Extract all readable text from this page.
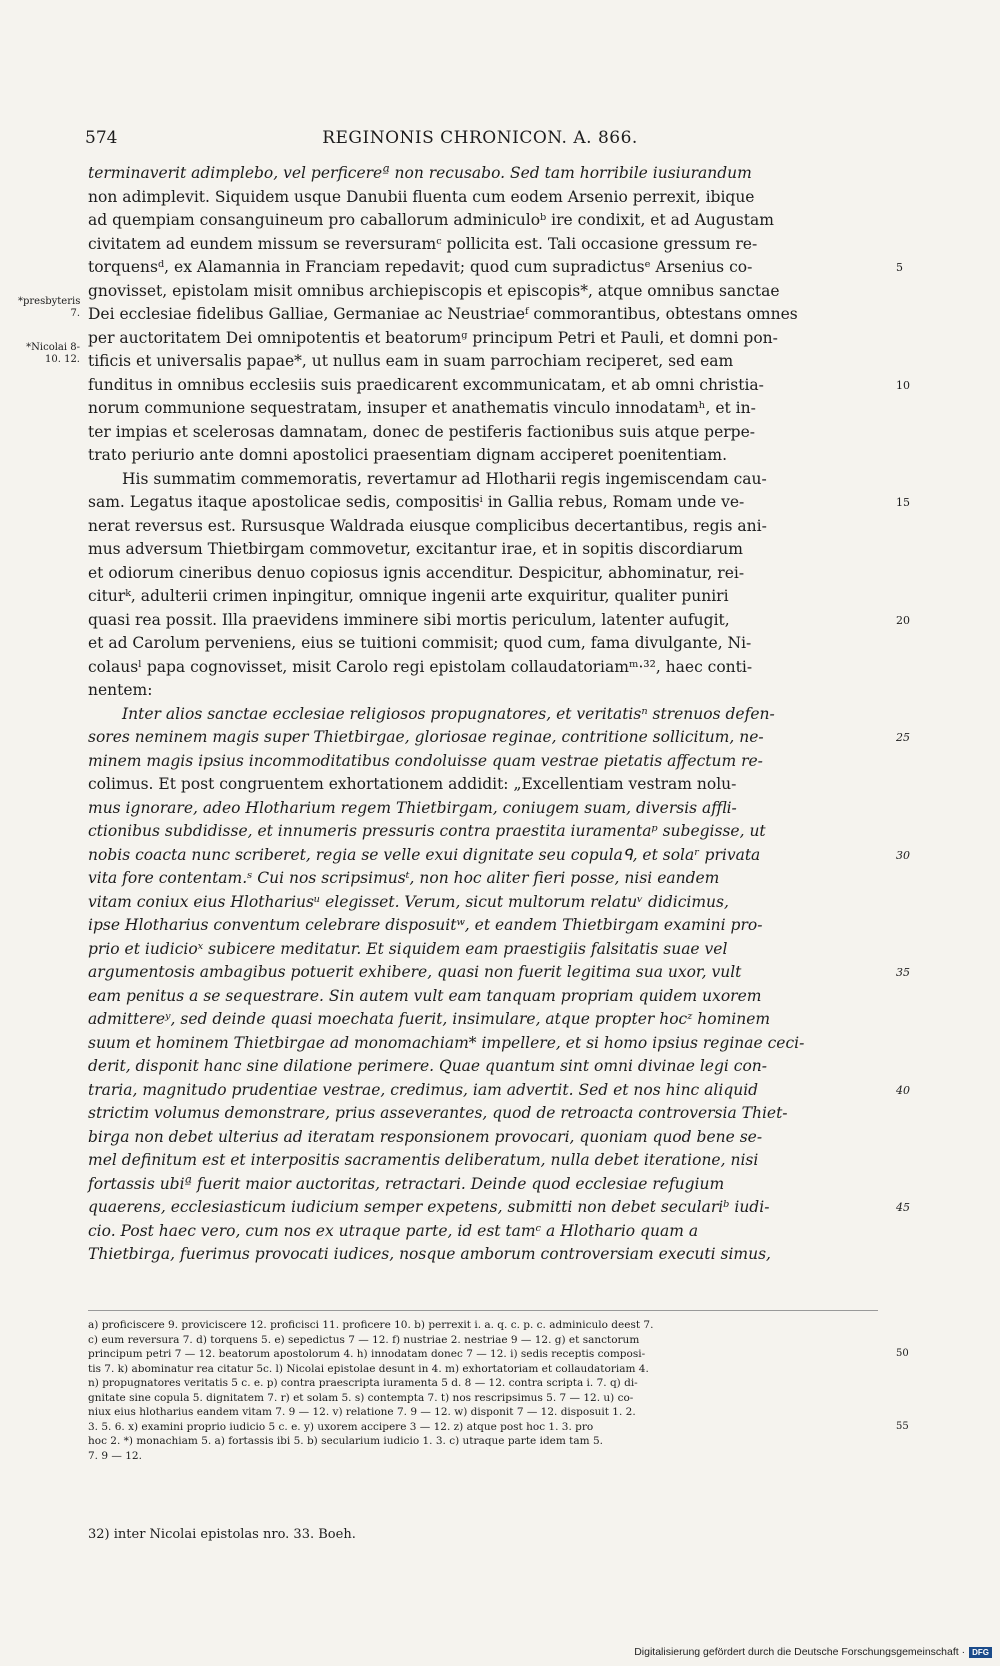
574	REGINONIS CHRONICON. A. 866.
*presbyteris 7.
*Nicolai 8-10. 12.
terminaverit adimplebo, vel perficereª non recusabo. Sed tam horribile iusiurandum
non adimplevit. Siquidem usque Danubii fluenta cum eodem Arsenio perrexit, ibique
ad quempiam consanguineum pro caballorum adminiculoᵇ ire condixit, et ad Augustam
civitatem ad eundem missum se reversuramᶜ pollicita est. Tali occasione gressum re-
torquensᵈ, ex Alamannia in Franciam repedavit; quod cum supradictusᵉ Arsenius co-	5
gnovisset, epistolam misit omnibus archiepiscopis et episcopis*, atque omnibus sanctae
Dei ecclesiae fidelibus Galliae, Germaniae ac Neustriaeᶠ commorantibus, obtestans omnes
per auctoritatem Dei omnipotentis et beatorumᵍ principum Petri et Pauli, et domni pon-
tificis et universalis papae*, ut nullus eam in suam parrochiam reciperet, sed eam
funditus in omnibus ecclesiis suis praedicarent excommunicatam, et ab omni christia-	10
norum communione sequestratam, insuper et anathematis vinculo innodatamʰ, et in-
ter impias et scelerosas damnatam, donec de pestiferis factionibus suis atque perpe-
trato periurio ante domni apostolici praesentiam dignam acciperet poenitentiam.
His summatim commemoratis, revertamur ad Hlotharii regis ingemiscendam cau-
sam. Legatus itaque apostolicae sedis, compositisⁱ in Gallia rebus, Romam unde ve-	15
nerat reversus est. Rursusque Waldrada eiusque complicibus decertantibus, regis ani-
mus adversum Thietbirgam commovetur, excitantur irae, et in sopitis discordiarum
et odiorum cineribus denuo copiosus ignis accenditur. Despicitur, abhominatur, rei-
citurᵏ, adulterii crimen inpingitur, omnique ingenii arte exquiritur, qualiter puniri
quasi rea possit. Illa praevidens imminere sibi mortis periculum, latenter aufugit,	20
et ad Carolum perveniens, eius se tuitioni commisit; quod cum, fama divulgante, Ni-
colausˡ papa cognovisset, misit Carolo regi epistolam collaudatoriamᵐ·³², haec conti-
nentem:
Inter alios sanctae ecclesiae religiosos propugnatores, et veritatisⁿ strenuos defen-
sores neminem magis super Thietbirgae, gloriosae reginae, contritione sollicitum, ne-	25
minem magis ipsius incommoditatibus condoluisse quam vestrae pietatis affectum re-
colimus. Et post congruentem exhortationem addidit: „Excellentiam vestram nolu-
mus ignorare, adeo Hlotharium regem Thietbirgam, coniugem suam, diversis affli-
ctionibus subdidisse, et innumeris pressuris contra praestita iuramentaᵖ subegisse, ut
nobis coacta nunc scriberet, regia se velle exui dignitate seu copulaᑫ, et solaʳ privata	30
vita fore contentam.ˢ Cui nos scripsimusᵗ, non hoc aliter fieri posse, nisi eandem
vitam coniux eius Hlothariusᵘ elegisset. Verum, sicut multorum relatuᵛ didicimus,
ipse Hlotharius conventum celebrare disposuitʷ, et eandem Thietbirgam examini pro-
prio et iudicioˣ subicere meditatur. Et siquidem eam praestigiis falsitatis suae vel
argumentosis ambagibus potuerit exhibere, quasi non fuerit legitima sua uxor, vult	35
eam penitus a se sequestrare. Sin autem vult eam tanquam propriam quidem uxorem
admittereʸ, sed deinde quasi moechata fuerit, insimulare, atque propter hocᶻ hominem
suum et hominem Thietbirgae ad monomachiam* impellere, et si homo ipsius reginae ceci-
derit, disponit hanc sine dilatione perimere. Quae quantum sint omni divinae legi con-
traria, magnitudo prudentiae vestrae, credimus, iam advertit. Sed et nos hinc aliquid	40
strictim volumus demonstrare, prius asseverantes, quod de retroacta controversia Thiet-
birga non debet ulterius ad iteratam responsionem provocari, quoniam quod bene se-
mel definitum est et interpositis sacramentis deliberatum, nulla debet iteratione, nisi
fortassis ubiª fuerit maior auctoritas, retractari. Deinde quod ecclesiae refugium
quaerens, ecclesiasticum iudicium semper expetens, submitti non debet seculariᵇ iudi-	45
cio. Post haec vero, cum nos ex utraque parte, id est tamᶜ a Hlothario quam a
Thietbirga, fuerimus provocati iudices, nosque amborum controversiam executi simus,
a) proficiscere 9. proviciscere 12. proficisci 11. proficere 10. b) perrexit i. a. q. c. p. c. adminiculo deest 7.
c) eum reversura 7. d) torquens 5. e) sepedictus 7 — 12. f) nustriae 2. nestriae 9 — 12. g) et sanctorum
principum petri 7 — 12. beatorum apostolorum 4. h) innodatam donec 7 — 12. i) sedis receptis composi-	50
tis 7. k) abominatur rea citatur 5c. l) Nicolai epistolae desunt in 4. m) exhortatoriam et collaudatoriam 4.
n) propugnatores veritatis 5 c. e. p) contra praescripta iuramenta 5 d. 8 — 12. contra scripta i. 7. q) di-
gnitate sine copula 5. dignitatem 7. r) et solam 5. s) contempta 7. t) nos rescripsimus 5. 7 — 12. u) co-
niux eius hlotharius eandem vitam 7. 9 — 12. v) relatione 7. 9 — 12. w) disponit 7 — 12. disposuit 1. 2.
3. 5. 6. x) examini proprio iudicio 5 c. e. y) uxorem accipere 3 — 12. z) atque post hoc 1. 3. pro	55
hoc 2. *) monachiam 5. a) fortassis ibi 5. b) secularium iudicio 1. 3. c) utraque parte idem tam 5.
7. 9 — 12.
32) inter Nicolai epistolas nro. 33. Boeh.
Digitalisierung gefördert durch die Deutsche Forschungsgemeinschaft · DFG
